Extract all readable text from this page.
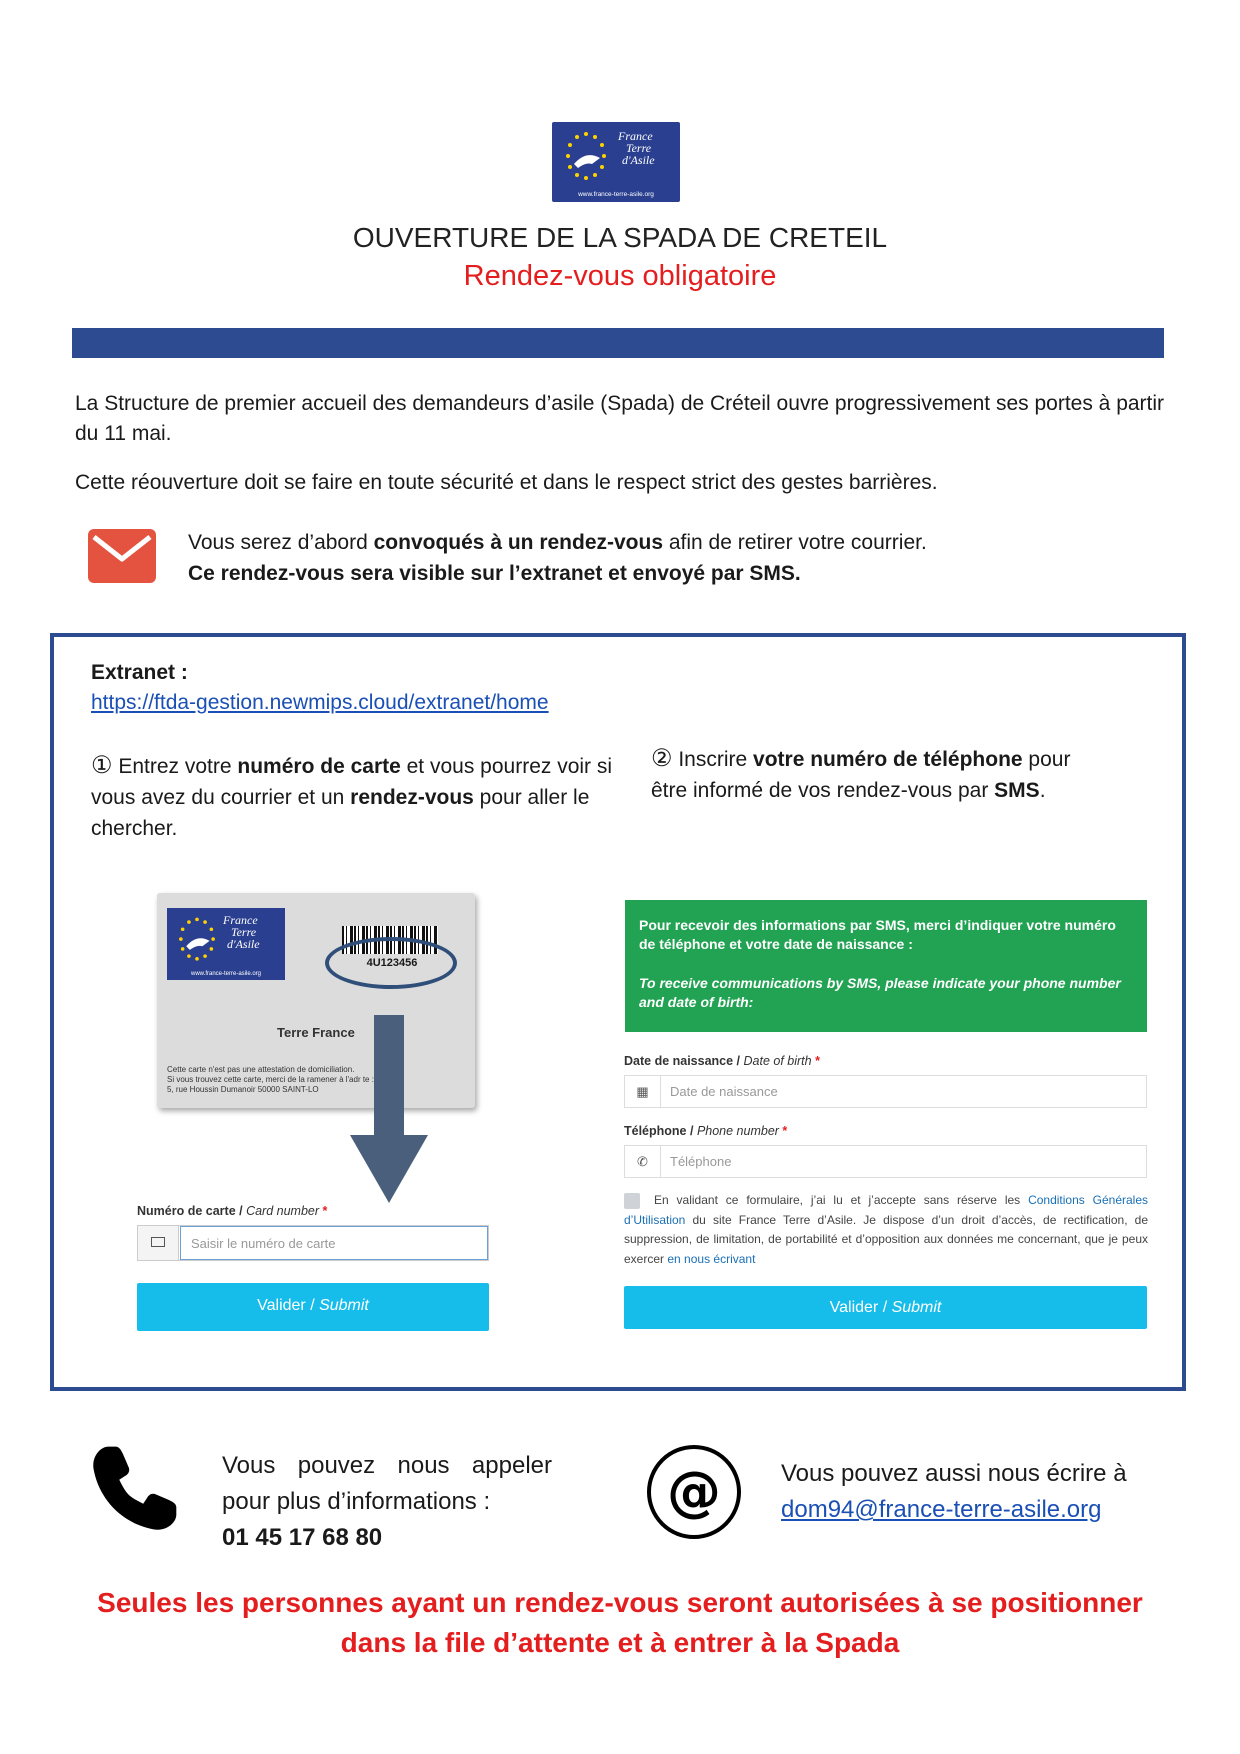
France
Terre
d'Asile
www.france-terre-asile.org
OUVERTURE DE LA SPADA DE CRETEIL
Rendez-vous obligatoire
La Structure de premier accueil des demandeurs d’asile (Spada) de Créteil ouvre progressivement ses portes à partir du 11 mai.
Cette réouverture doit se faire en toute sécurité et dans le respect strict des gestes barrières.
Vous serez d’abord convoqués à un rendez-vous afin de retirer votre courrier.
Ce rendez-vous sera visible sur l’extranet et envoyé par SMS.
Extranet :
https://ftda-gestion.newmips.cloud/extranet/home
① Entrez votre numéro de carte et vous pourrez voir si vous avez du courrier et un rendez-vous pour aller le chercher.
② Inscrire votre numéro de téléphone pour être informé de vos rendez-vous par SMS.
France
Terre
d'Asile
www.france-terre-asile.org
4U123456
Terre France
Cette carte n'est pas une attestation de domiciliation.
Si vous trouvez cette carte, merci de la ramener à l'adr te :
5, rue Houssin Dumanoir 50000 SAINT-LO
Numéro de carte / Card number *
Saisir le numéro de carte
Valider / Submit
Pour recevoir des informations par SMS, merci d’indiquer votre numéro de téléphone et votre date de naissance :
To receive communications by SMS, please indicate your phone number and date of birth:
Date de naissance / Date of birth *
▦	Date de naissance
Téléphone / Phone number *
✆	Téléphone
En validant ce formulaire, j’ai lu et j’accepte sans réserve les Conditions Générales d’Utilisation du site France Terre d’Asile. Je dispose d’un droit d’accès, de rectification, de suppression, de limitation, de portabilité et d’opposition aux données me concernant, que je peux exercer en nous écrivant
Valider / Submit
Vous pouvez nous appeler pour plus d’informations :
01 45 17 68 80
@	Vous pouvez aussi nous écrire à
dom94@france-terre-asile.org
Seules les personnes ayant un rendez-vous seront autorisées à se positionner
dans la file d’attente et à entrer à la Spada
